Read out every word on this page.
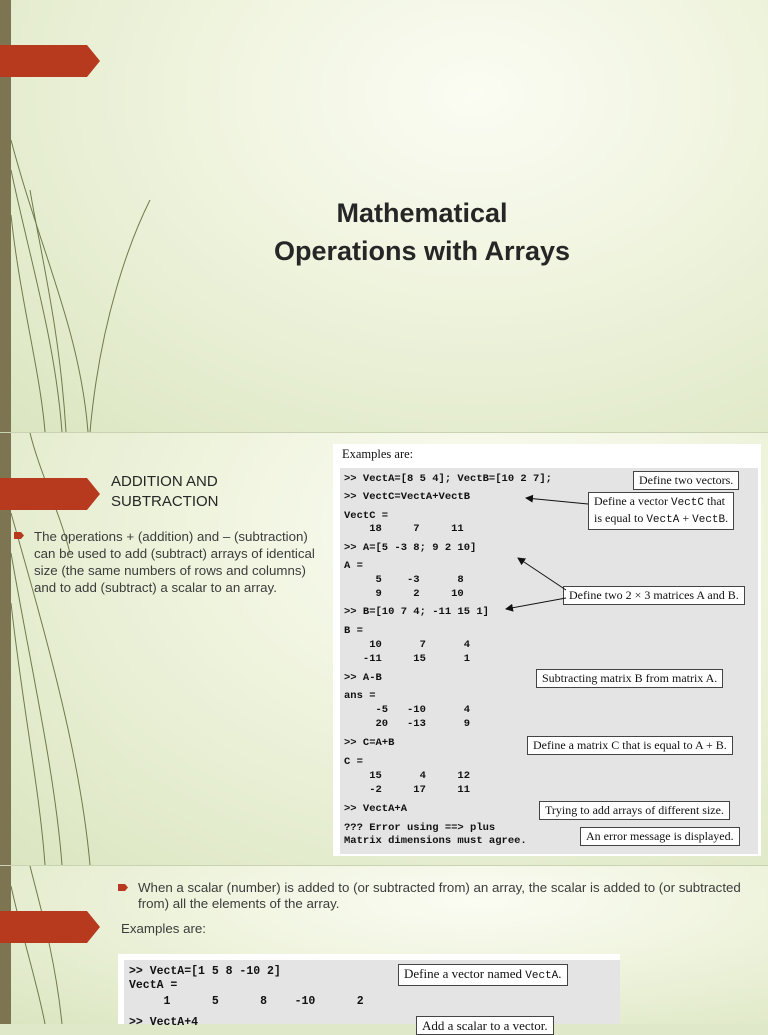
Mathematical
Operations with Arrays
ADDITION AND
SUBTRACTION
The operations + (addition) and – (subtraction) can be used to add (subtract) arrays of identical size (the same numbers of rows and columns) and to add (subtract) a scalar to an array.
Examples are:
>> VectA=[8 5 4]; VectB=[10 2 7];
>> VectC=VectA+VectB
VectC =
18     7     11
>> A=[5 -3 8; 9 2 10]
A =
5    -3      8
9     2     10
>> B=[10 7 4; -11 15 1]
B =
10      7      4
-11     15      1
>> A-B
ans =
-5   -10      4
20   -13      9
>> C=A+B
C =
15      4     12
-2     17     11
>> VectA+A
??? Error using ==> plus
Matrix dimensions must agree.
Define two vectors.
Define a vector VectC that
is equal to VectA + VectB.
Define two 2 × 3 matrices A and B.
Subtracting matrix B from matrix A.
Define a matrix C that is equal to A + B.
Trying to add arrays of different size.
An error message is displayed.
When a scalar (number) is added to (or subtracted from) an array, the scalar is added to (or subtracted from) all the elements of the array.
Examples are:
>> VectA=[1 5 8 -10 2]
VectA =
1      5      8    -10      2
>> VectA+4
Define a vector named VectA.
Add a scalar to a vector.
